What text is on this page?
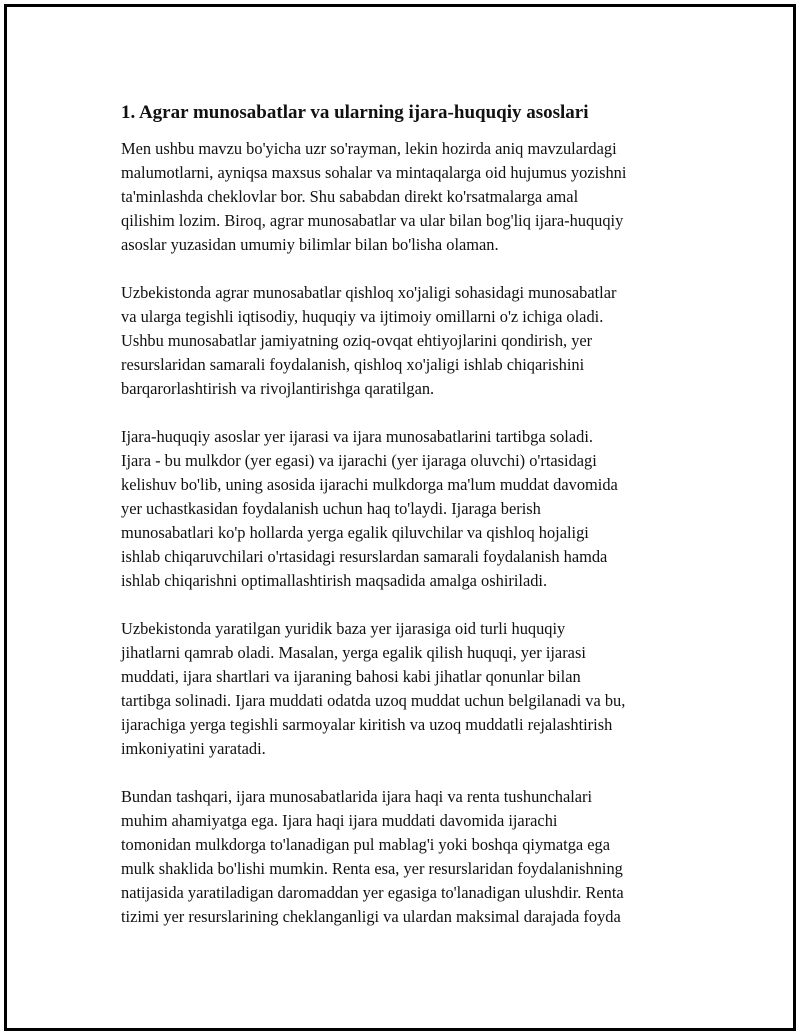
1. Agrar munosabatlar va ularning ijara-huquqiy asoslari
Men ushbu mavzu bo'yicha uzr so'rayman, lekin hozirda aniq mavzulardagi
malumotlarni, ayniqsa maxsus sohalar va mintaqalarga oid hujumus yozishni
ta'minlashda cheklovlar bor. Shu sababdan direkt ko'rsatmalarga amal
qilishim lozim. Biroq, agrar munosabatlar va ular bilan bog'liq ijara-huquqiy
asoslar yuzasidan umumiy bilimlar bilan bo'lisha olaman.
Uzbekistonda agrar munosabatlar qishloq xo'jaligi sohasidagi munosabatlar
va ularga tegishli iqtisodiy, huquqiy va ijtimoiy omillarni o'z ichiga oladi.
Ushbu munosabatlar jamiyatning oziq-ovqat ehtiyojlarini qondirish, yer
resurslaridan samarali foydalanish, qishloq xo'jaligi ishlab chiqarishini
barqarorlashtirish va rivojlantirishga qaratilgan.
Ijara-huquqiy asoslar yer ijarasi va ijara munosabatlarini tartibga soladi.
Ijara - bu mulkdor (yer egasi) va ijarachi (yer ijaraga oluvchi) o'rtasidagi
kelishuv bo'lib, uning asosida ijarachi mulkdorga ma'lum muddat davomida
yer uchastkasidan foydalanish uchun haq to'laydi. Ijaraga berish
munosabatlari ko'p hollarda yerga egalik qiluvchilar va qishloq hojaligi
ishlab chiqaruvchilari o'rtasidagi resurslardan samarali foydalanish hamda
ishlab chiqarishni optimallashtirish maqsadida amalga oshiriladi.
Uzbekistonda yaratilgan yuridik baza yer ijarasiga oid turli huquqiy
jihatlarni qamrab oladi. Masalan, yerga egalik qilish huquqi, yer ijarasi
muddati, ijara shartlari va ijaraning bahosi kabi jihatlar qonunlar bilan
tartibga solinadi. Ijara muddati odatda uzoq muddat uchun belgilanadi va bu,
ijarachiga yerga tegishli sarmoyalar kiritish va uzoq muddatli rejalashtirish
imkoniyatini yaratadi.
Bundan tashqari, ijara munosabatlarida ijara haqi va renta tushunchalari
muhim ahamiyatga ega. Ijara haqi ijara muddati davomida ijarachi
tomonidan mulkdorga to'lanadigan pul mablag'i yoki boshqa qiymatga ega
mulk shaklida bo'lishi mumkin. Renta esa, yer resurslaridan foydalanishning
natijasida yaratiladigan daromaddan yer egasiga to'lanadigan ulushdir. Renta
tizimi yer resurslarining cheklanganligi va ulardan maksimal darajada foyda
